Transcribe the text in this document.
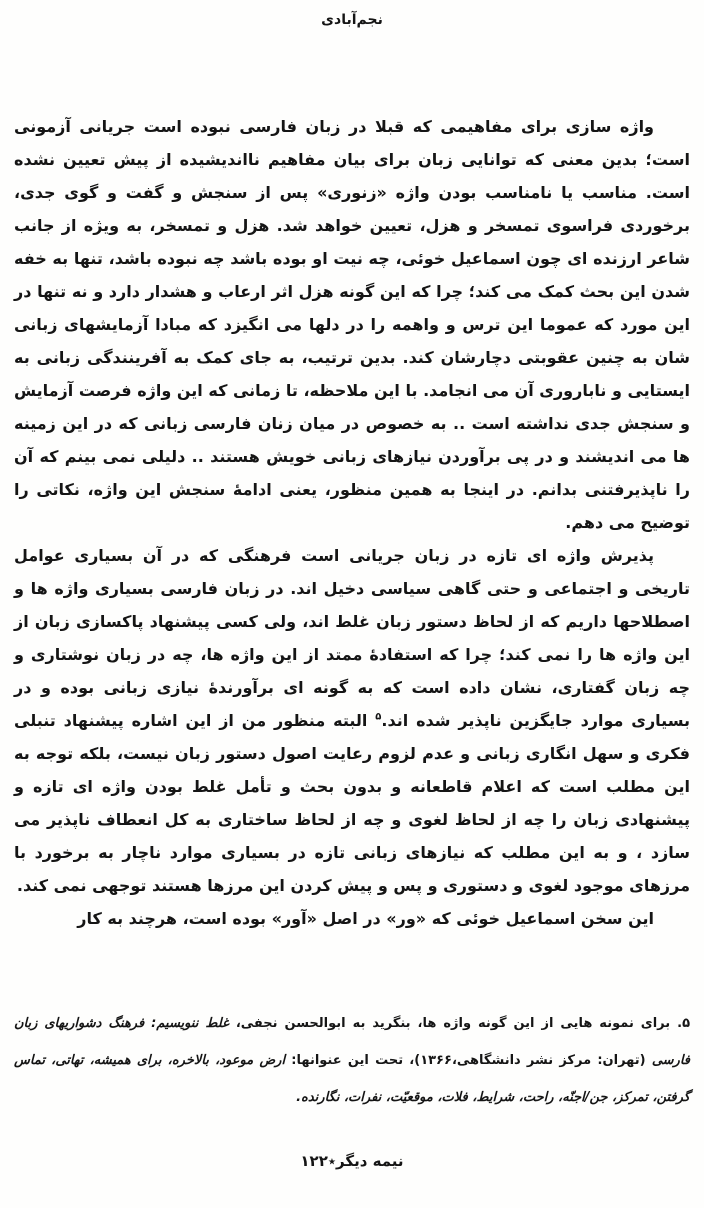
نجم‌آبادی

واژه سازی برای مفاهیمی که قبلا در زبان فارسی نبوده است جریانی آزمونی است؛ بدین معنی که توانایی زبان برای بیان مفاهیم نااندیشیده از پیش تعیین نشده است. مناسب یا نامناسب بودن واژه «زنوری» پس از سنجش و گفت و گوی جدی، برخوردی فراسوی تمسخر و هزل، تعیین خواهد شد. هزل و تمسخر، به ویژه از جانب شاعر ارزنده ای چون اسماعیل خوئی، چه نیت او بوده باشد چه نبوده باشد، تنها به خفه شدن این بحث کمک می کند؛ چرا که این گونه هزل اثر ارعاب و هشدار دارد و نه تنها در این مورد که عموما این ترس و واهمه را در دلها می انگیزد که مبادا آزمایشهای زبانی شان به چنین عقوبتی دچارشان کند. بدین ترتیب، به جای کمک به آفرینندگی زبانی به ایستایی و ناباروری آن می انجامد. با این ملاحظه، تا زمانی که این واژه فرصت آزمایش و سنجش جدی نداشته است .. به خصوص در میان زنان فارسی زبانی که در این زمینه ها می اندیشند و در پی برآوردن نیازهای زبانی خویش هستند .. دلیلی نمی بینم که آن را ناپذیرفتنی بدانم. در اینجا به همین منظور، یعنی ادامهٔ سنجش این واژه، نکاتی را توضیح می دهم.

پذیرش واژه ای تازه در زبان جریانی است فرهنگی که در آن بسیاری عوامل تاریخی و اجتماعی و حتی گاهی سیاسی دخیل اند. در زبان فارسی بسیاری واژه ها و اصطلاحها داریم که از لحاظ دستور زبان غلط اند، ولی کسی پیشنهاد پاکسازی زبان از این واژه ها را نمی کند؛ چرا که استفادهٔ ممتد از این واژه ها، چه در زبان نوشتاری و چه زبان گفتاری، نشان داده است که به گونه ای برآورندهٔ نیازی زبانی بوده و در بسیاری موارد جایگزین ناپذیر شده اند.$^۵$ البته منظور من از این اشاره پیشنهاد تنبلی فکری و سهل انگاری زبانی و عدم لزوم رعایت اصول دستور زبان نیست، بلکه توجه به این مطلب است که اعلام قاطعانه و بدون بحث و تأمل غلط بودن واژه ای تازه و پیشنهادی زبان را چه از لحاظ لغوی و چه از لحاظ ساختاری به کل انعطاف ناپذیر می سازد ، و به این مطلب که نیازهای زبانی تازه در بسیاری موارد ناچار به برخورد با مرزهای موجود لغوی و دستوری و پس و پیش کردن این مرزها هستند توجهی نمی کند.

این سخن اسماعیل خوئی که «ور» در اصل «آور» بوده است، هرچند به کار

۵. برای نمونه هایی از این گونه واژه ها، بنگرید به ابوالحسن نجفی، غلط ننویسیم: فرهنگ دشواریهای زبان فارسی (تهران: مرکز نشر دانشگاهی،۱۳۶۶)، تحت این عنوانها: ارض موعود، بالاخره، برای همیشه، تهاتی، تماس گرفتن، تمرکز، جن/اجنّه، راحت، شرایط، فلات، موقعیّت، نفرات، نگارنده.
نیمه دیگر٭۱۲۲
